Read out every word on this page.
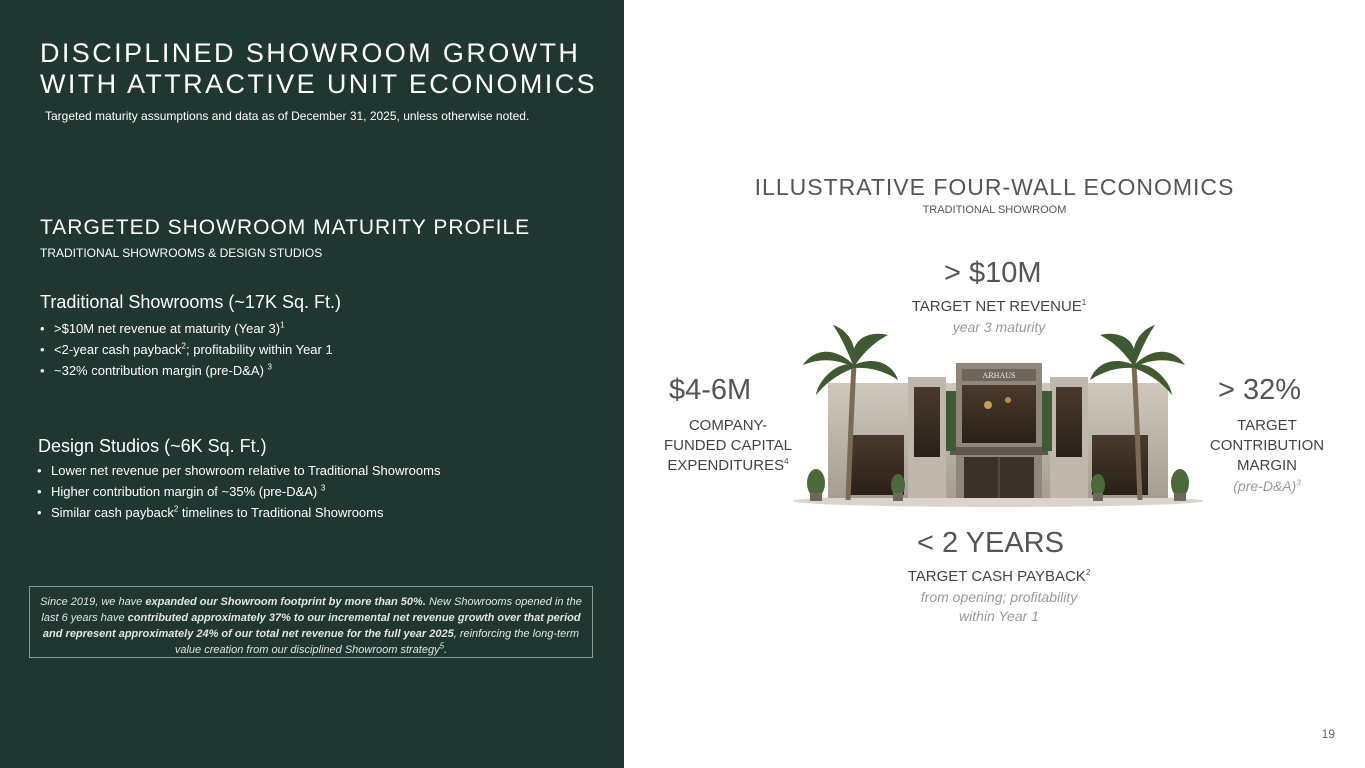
DISCIPLINED SHOWROOM GROWTH
WITH ATTRACTIVE UNIT ECONOMICS
Targeted maturity assumptions and data as of December 31, 2025, unless otherwise noted.
TARGETED SHOWROOM MATURITY PROFILE
TRADITIONAL SHOWROOMS & DESIGN STUDIOS
Traditional Showrooms (~17K Sq. Ft.)
• >$10M net revenue at maturity (Year 3)$^1$
• <2-year cash payback$^2$; profitability within Year 1
• ~32% contribution margin (pre-D&A) $^3$
Design Studios (~6K Sq. Ft.)
• Lower net revenue per showroom relative to Traditional Showrooms
• Higher contribution margin of ~35% (pre-D&A) $^3$
• Similar cash payback$^2$ timelines to Traditional Showrooms
Since 2019, we have expanded our Showroom footprint by more than 50%. New Showrooms opened in the last 6 years have contributed approximately 37% to our incremental net revenue growth over that period and represent approximately 24% of our total net revenue for the full year 2025, reinforcing the long-term value creation from our disciplined Showroom strategy$^5$.
ILLUSTRATIVE FOUR-WALL ECONOMICS
TRADITIONAL SHOWROOM
> $10M
TARGET NET REVENUE$^1$
year 3 maturity
$4-6M
COMPANY-
FUNDED CAPITAL
$EXPENDITURES^4$
> 32%
TARGET
CONTRIBUTION
MARGIN
(pre-D&A)$^3$
< 2 YEARS
TARGET CASH PAYBACK$^2$
from opening; profitability
within Year 1
ARHAUS
19
